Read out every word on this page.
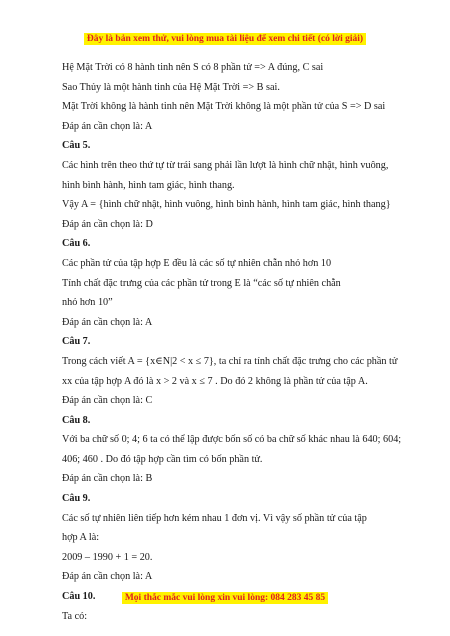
Đây là bản xem thử, vui lòng mua tài liệu để xem chi tiết (có lời giải)
Hệ Mặt Trời có 8 hành tinh nên S có 8 phần tử => A đúng, C sai
Sao Thủy là một hành tinh của Hệ Mặt Trời => B sai.
Mặt Trời không là hành tinh nên Mặt Trời không là một phần tử của S => D sai
Đáp án cần chọn là: A
Câu 5.
Các hình trên theo thứ tự từ trái sang phải lần lượt là hình chữ nhật, hình vuông, hình bình hành, hình tam giác, hình thang.
Vậy A = {hình chữ nhật, hình vuông, hình bình hành, hình tam giác, hình thang}
Đáp án cần chọn là: D
Câu 6.
Các phần tử của tập hợp E đều là các số tự nhiên chẵn nhỏ hơn 10
Tính chất đặc trưng của các phần tử trong E là “các số tự nhiên chẵn nhỏ hơn 10”
Đáp án cần chọn là: A
Câu 7.
Trong cách viết A = {x∈N|2 < x ≤ 7}, ta chỉ ra tính chất đặc trưng cho các phần tử xx của tập hợp A đó là x > 2 và x ≤ 7 . Do đó 2 không là phần tử của tập A.
Đáp án cần chọn là: C
Câu 8.
Với ba chữ số 0; 4; 6 ta có thể lập được bốn số có ba chữ số khác nhau là 640; 604; 406; 460 . Do đó tập hợp cần tìm có bốn phần tử.
Đáp án cần chọn là: B
Câu 9.
Các số tự nhiên liên tiếp hơn kém nhau 1 đơn vị. Vì vậy số phần tử của tập hợp A là:
2009 – 1990 + 1 = 20.
Đáp án cần chọn là: A
Câu 10.
Ta có:
Mọi thắc mắc vui lòng xin vui lòng: 084 283 45 85
